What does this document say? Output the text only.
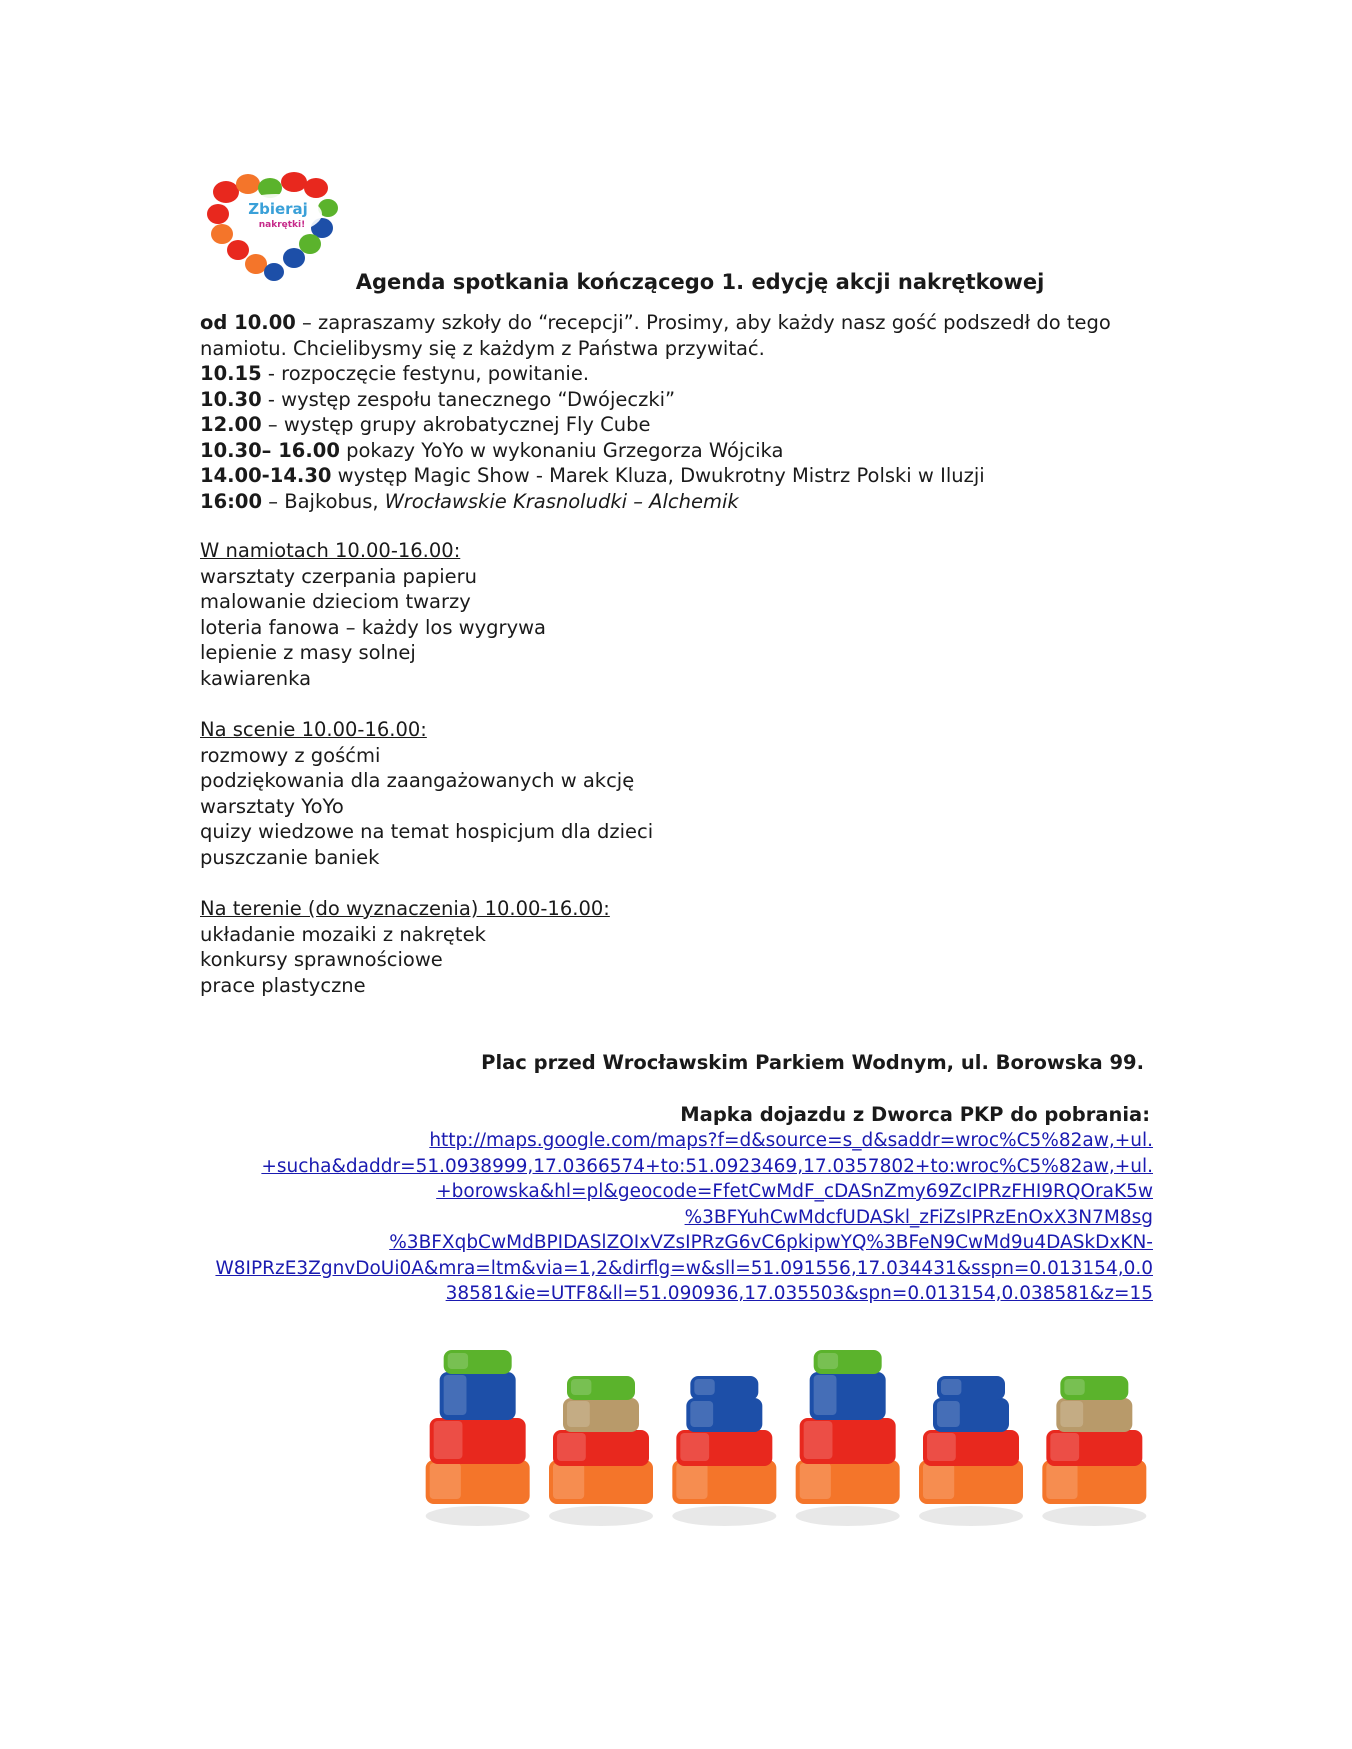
Zbieraj
nakrętki!
Agenda spotkania kończącego 1. edycję akcji nakrętkowej
od 10.00 – zapraszamy szkoły do “recepcji”. Prosimy, aby każdy nasz gość podszedł do tego namiotu. Chcielibysmy się z każdym z Państwa przywitać.
10.15 - rozpoczęcie festynu, powitanie.
10.30 - występ zespołu tanecznego “Dwójeczki”
12.00 – występ grupy akrobatycznej Fly Cube
10.30– 16.00 pokazy YoYo w wykonaniu Grzegorza Wójcika
14.00-14.30 występ Magic Show - Marek Kluza, Dwukrotny Mistrz Polski w Iluzji
16:00 – Bajkobus, Wrocławskie Krasnoludki – Alchemik
W namiotach 10.00-16.00:
warsztaty czerpania papieru
malowanie dzieciom twarzy
loteria fanowa – każdy los wygrywa
lepienie z masy solnej
kawiarenka
Na scenie 10.00-16.00:
rozmowy z gośćmi
podziękowania dla zaangażowanych w akcję
warsztaty YoYo
quizy wiedzowe na temat hospicjum dla dzieci
puszczanie baniek
Na terenie (do wyznaczenia) 10.00-16.00:
układanie mozaiki z nakrętek
konkursy sprawnościowe
prace plastyczne
Plac przed Wrocławskim Parkiem Wodnym, ul. Borowska 99.
Mapka dojazdu z Dworca PKP do pobrania:
http://maps.google.com/maps?f=d&source=s_d&saddr=wroc%C5%82aw,+ul.
+sucha&daddr=51.0938999,17.0366574+to:51.0923469,17.0357802+to:wroc%C5%82aw,+ul.
+borowska&hl=pl&geocode=FfetCwMdF_cDASnZmy69ZcIPRzFHI9RQOraK5w
%3BFYuhCwMdcfUDASkl_zFiZsIPRzEnOxX3N7M8sg
%3BFXqbCwMdBPIDASlZOIxVZsIPRzG6vC6pkipwYQ%3BFeN9CwMd9u4DASkDxKN-
W8IPRzE3ZgnvDoUi0A&mra=ltm&via=1,2&dirflg=w&sll=51.091556,17.034431&sspn=0.013154,0.0
38581&ie=UTF8&ll=51.090936,17.035503&spn=0.013154,0.038581&z=15
